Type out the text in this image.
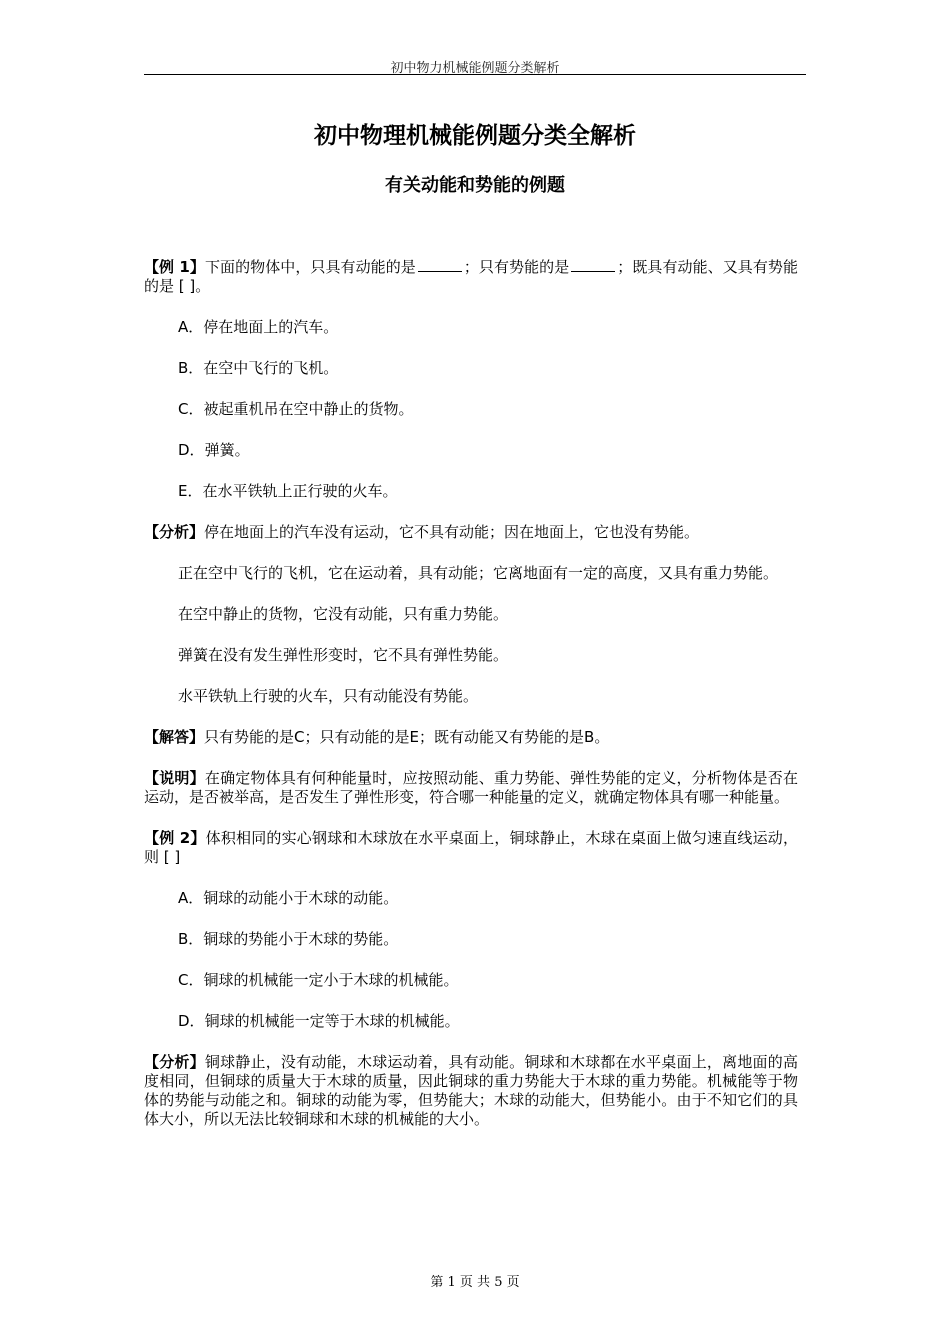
初中物力机械能例题分类解析
初中物理机械能例题分类全解析
有关动能和势能的例题

【例 1】下面的物体中，只具有动能的是	；只有势能的是	；既具有动能、又具有势能的是 [ ]。

A．停在地面上的汽车。

B．在空中飞行的飞机。

C．被起重机吊在空中静止的货物。

D．弹簧。

E．在水平铁轨上正行驶的火车。

【分析】停在地面上的汽车没有运动，它不具有动能；因在地面上，它也没有势能。

正在空中飞行的飞机，它在运动着，具有动能；它离地面有一定的高度，又具有重力势能。

在空中静止的货物，它没有动能，只有重力势能。

弹簧在没有发生弹性形变时，它不具有弹性势能。

水平铁轨上行驶的火车，只有动能没有势能。

【解答】只有势能的是C；只有动能的是E；既有动能又有势能的是B。

【说明】在确定物体具有何种能量时，应按照动能、重力势能、弹性势能的定义，分析物体是否在运动，是否被举高，是否发生了弹性形变，符合哪一种能量的定义，就确定物体具有哪一种能量。

【例 2】体积相同的实心钢球和木球放在水平桌面上，铜球静止，木球在桌面上做匀速直线运动，则 [ ]

A．铜球的动能小于木球的动能。

B．铜球的势能小于木球的势能。

C．铜球的机械能一定小于木球的机械能。

D．铜球的机械能一定等于木球的机械能。

【分析】铜球静止，没有动能，木球运动着，具有动能。铜球和木球都在水平桌面上，离地面的高度相同，但铜球的质量大于木球的质量，因此铜球的重力势能大于木球的重力势能。机械能等于物体的势能与动能之和。铜球的动能为零，但势能大；木球的动能大，但势能小。由于不知它们的具体大小，所以无法比较铜球和木球的机械能的大小。

第 1 页 共 5 页
